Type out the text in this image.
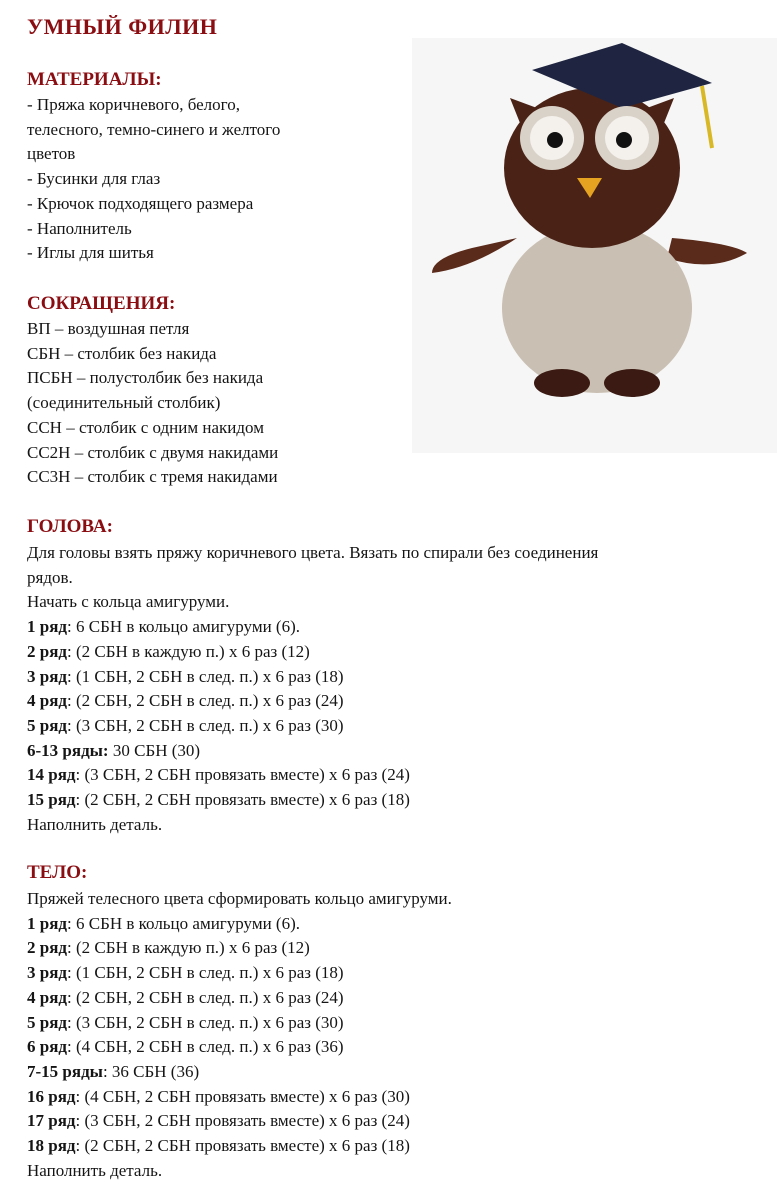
УМНЫЙ ФИЛИН
МАТЕРИАЛЫ:
- Пряжа коричневого, белого,
телесного, темно-синего и желтого
цветов
- Бусинки для глаз
- Крючок подходящего размера
- Наполнитель
- Иглы для шитья
СОКРАЩЕНИЯ:
ВП – воздушная петля
СБН – столбик без накида
ПСБН – полустолбик без накида
(соединительный столбик)
ССН – столбик с одним накидом
СС2Н – столбик с двумя накидами
СС3Н – столбик с тремя накидами
ГОЛОВА:
Для головы взять пряжу коричневого цвета. Вязать по спирали без соединения
рядов.
Начать с кольца амигуруми.
1 ряд: 6 СБН в кольцо амигуруми (6).
2 ряд: (2 СБН в каждую п.) х 6 раз (12)
3 ряд: (1 СБН, 2 СБН в след. п.) х 6 раз (18)
4 ряд: (2 СБН, 2 СБН в след. п.) х 6 раз (24)
5 ряд: (3 СБН, 2 СБН в след. п.) х 6 раз (30)
6-13 ряды: 30 СБН (30)
14 ряд: (3 СБН, 2 СБН провязать вместе) х 6 раз (24)
15 ряд: (2 СБН, 2 СБН провязать вместе) х 6 раз (18)
Наполнить деталь.
ТЕЛО:
Пряжей телесного цвета сформировать кольцо амигуруми.
1 ряд: 6 СБН в кольцо амигуруми (6).
2 ряд: (2 СБН в каждую п.) х 6 раз (12)
3 ряд: (1 СБН, 2 СБН в след. п.) х 6 раз (18)
4 ряд: (2 СБН, 2 СБН в след. п.) х 6 раз (24)
5 ряд: (3 СБН, 2 СБН в след. п.) х 6 раз (30)
6 ряд: (4 СБН, 2 СБН в след. п.) х 6 раз (36)
7-15 ряды: 36 СБН (36)
16 ряд: (4 СБН, 2 СБН провязать вместе) х 6 раз (30)
17 ряд: (3 СБН, 2 СБН провязать вместе) х 6 раз (24)
18 ряд: (2 СБН, 2 СБН провязать вместе) х 6 раз (18)
Наполнить деталь.
